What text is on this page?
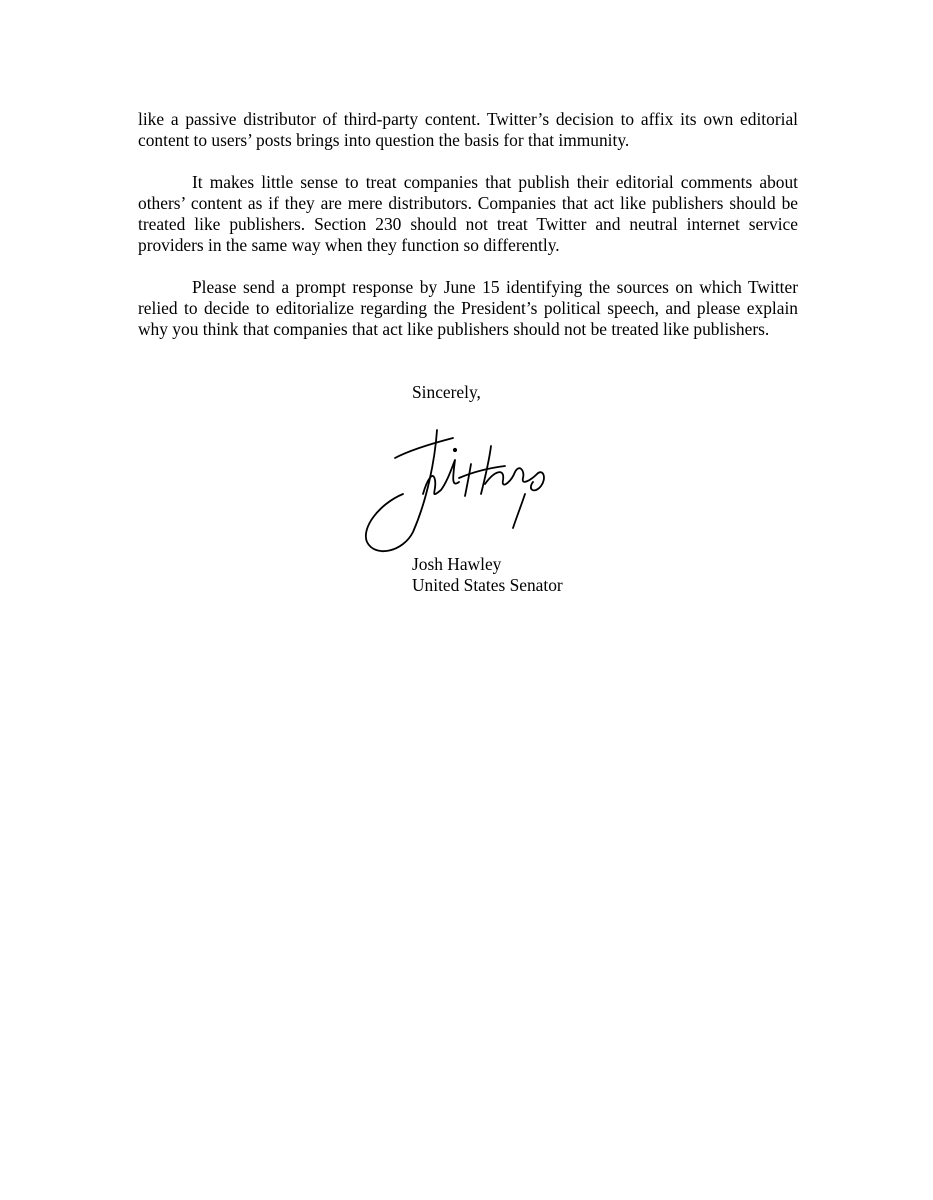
like a passive distributor of third-party content. Twitter’s decision to affix its own editorial content to users’ posts brings into question the basis for that immunity.

It makes little sense to treat companies that publish their editorial comments about others’ content as if they are mere distributors. Companies that act like publishers should be treated like publishers. Section 230 should not treat Twitter and neutral internet service providers in the same way when they function so differently.

Please send a prompt response by June 15 identifying the sources on which Twitter relied to decide to editorialize regarding the President’s political speech, and please explain why you think that companies that act like publishers should not be treated like publishers.

Sincerely,

Josh Hawley
United States Senator
